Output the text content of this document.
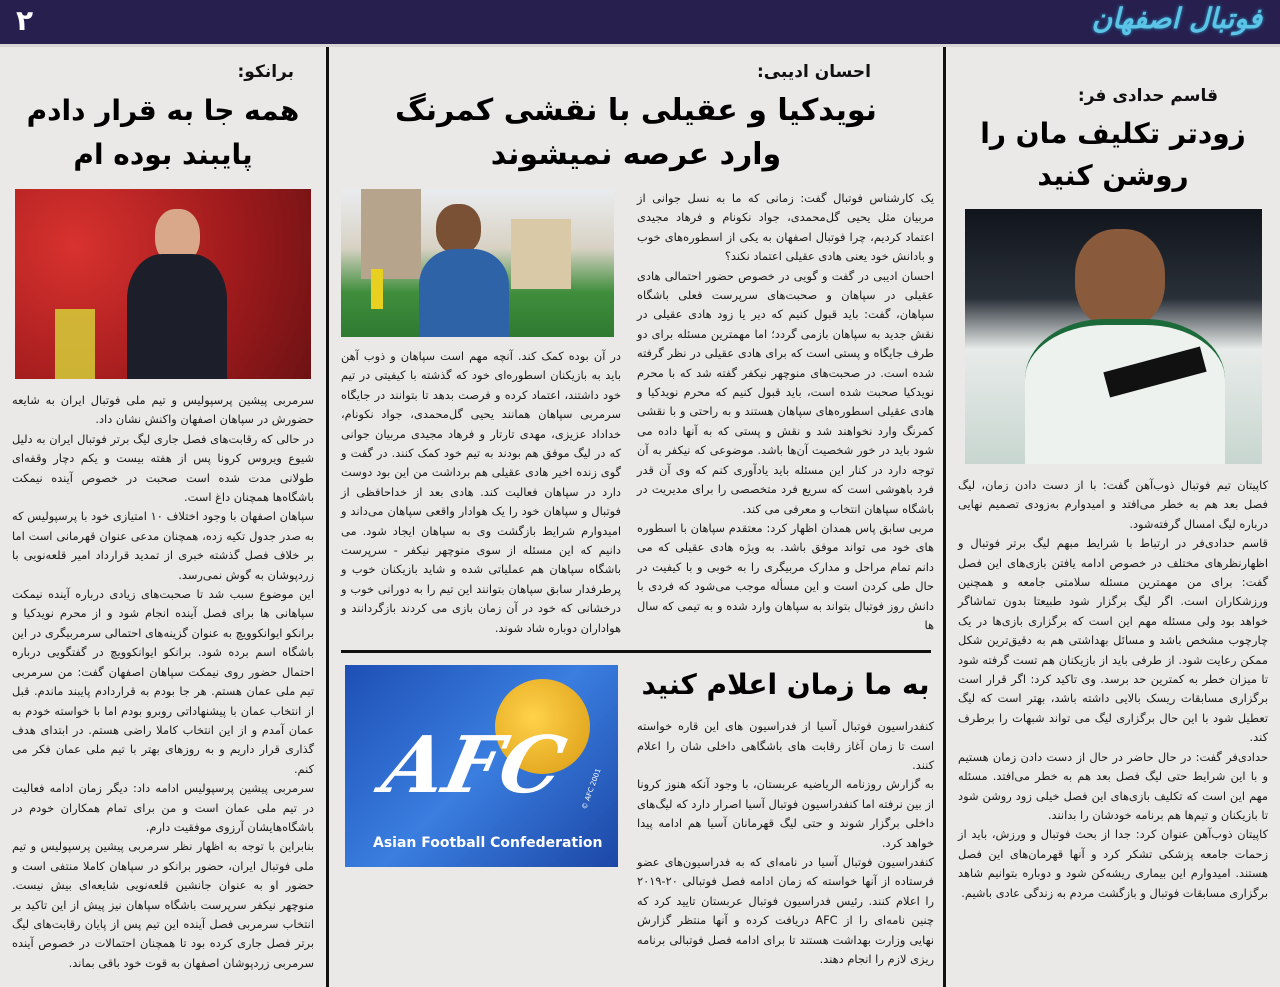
۲	فوتبال اصفهان
برانکو:
همه جا به قرار دادم
پایبند بوده ام

سرمربی پیشین پرسپولیس و تیم ملی فوتبال ایران به شایعه حضورش در سپاهان اصفهان واکنش نشان داد.

در حالی که رقابت‌های فصل جاری لیگ برتر فوتبال ایران به دلیل شیوع ویروس کرونا پس از هفته بیست و یکم دچار وقفه‌ای طولانی مدت شده است صحبت در خصوص آینده نیمکت باشگاه‌ها همچنان داغ است.

سپاهان اصفهان با وجود اختلاف ۱۰ امتیازی خود با پرسپولیس که به صدر جدول تکیه زده، همچنان مدعی عنوان قهرمانی است اما بر خلاف فصل گذشته خبری از تمدید قرارداد امیر قلعه‌نویی با زردپوشان به گوش نمی‌رسد.

این موضوع سبب شد تا صحبت‌های زیادی درباره آینده نیمکت سپاهانی ها برای فصل آینده انجام شود و از محرم نویدکیا و برانکو ایوانکوویچ به عنوان گزینه‌های احتمالی سرمربیگری در این باشگاه اسم برده شود. برانکو ایوانکوویچ در گفتگویی درباره احتمال حضور روی نیمکت سپاهان اصفهان گفت: من سرمربی تیم ملی عمان هستم. هر جا بودم به قراردادم پایبند ماندم. قبل از انتخاب عمان با پیشنهاداتی روبرو بودم اما با خواسته خودم به عمان آمدم و از این انتخاب کاملا راضی هستم. در ابتدای هدف گذاری قرار داریم و به روزهای بهتر با تیم ملی عمان فکر می کنم.

سرمربی پیشین پرسپولیس ادامه داد: دیگر زمان ادامه فعالیت در تیم ملی عمان است و من برای تمام همکاران خودم در باشگاه‌هایشان آرزوی موفقیت دارم.

بنابراین با توجه به اظهار نظر سرمربی پیشین پرسپولیس و تیم ملی فوتبال ایران، حضور برانکو در سپاهان کاملا منتفی است و حضور او به عنوان جانشین قلعه‌نویی شایعه‌ای بیش نیست. منوچهر نیکفر سرپرست باشگاه سپاهان نیز پیش از این تاکید بر انتخاب سرمربی فصل آینده این تیم پس از پایان رقابت‌های لیگ برتر فصل جاری کرده بود تا همچنان احتمالات در خصوص آینده سرمربی زردپوشان اصفهان به قوت خود باقی بماند.

احسان ادیبی:
نویدکیا و عقیلی با نقشی کمرنگ
وارد عرصه نمیشوند

در آن بوده کمک کند. آنچه مهم است سپاهان و ذوب آهن باید به بازیکنان اسطوره‌ای خود که گذشته با کیفیتی در تیم خود داشتند، اعتماد کرده و فرصت بدهد تا بتوانند در جایگاه سرمربی سپاهان همانند یحیی گل‌محمدی، جواد نکونام، خداداد عزیزی، مهدی تارتار و فرهاد مجیدی مربیان جوانی که در لیگ موفق هم بودند به تیم خود کمک کنند. در گفت و گوی زنده اخیر هادی عقیلی هم برداشت من این بود دوست دارد در سپاهان فعالیت کند. هادی بعد از خداحافظی از فوتبال و سپاهان خود را یک هوادار واقعی سپاهان می‌داند و امیدوارم شرایط بازگشت وی به سپاهان ایجاد شود. می دانیم که این مسئله از سوی منوچهر نیکفر - سرپرست باشگاه سپاهان هم عملیاتی شده و شاید بازیکنان خوب و پرطرفدار سابق سپاهان بتوانند این تیم را به دورانی خوب و درخشانی که خود در آن زمان بازی می کردند بازگردانند و هواداران دوباره شاد شوند.

یک کارشناس فوتبال گفت: زمانی که ما به نسل جوانی از مربیان مثل یحیی گل‌محمدی، جواد نکونام و فرهاد مجیدی اعتماد کردیم، چرا فوتبال اصفهان به یکی از اسطوره‌های خوب و بادانش خود یعنی هادی عقیلی اعتماد نکند؟

احسان ادیبی در گفت و گویی در خصوص حضور احتمالی هادی عقیلی در سپاهان و صحبت‌های سرپرست فعلی باشگاه سپاهان، گفت: باید قبول کنیم که دیر یا زود هادی عقیلی در نقش جدید به سپاهان بازمی گردد؛ اما مهمترین مسئله برای دو طرف جایگاه و پستی است که برای هادی عقیلی در نظر گرفته شده است. در صحبت‌های منوچهر نیکفر گفته شد که با محرم نویدکیا صحبت شده است، باید قبول کنیم که محرم نویدکیا و هادی عقیلی اسطوره‌های سپاهان هستند و به راحتی و با نقشی کمرنگ وارد نخواهند شد و نقش و پستی که به آنها داده می شود باید در خور شخصیت آن‌ها باشد. موضوعی که نیکفر به آن توجه دارد در کنار این مسئله باید یادآوری کنم که وی آن قدر فرد باهوشی است که سریع فرد متخصصی را برای مدیریت در باشگاه سپاهان انتخاب و معرفی می کند.

مربی سابق پاس همدان اظهار کرد: معتقدم سپاهان با اسطوره های خود می تواند موفق باشد. به ویژه هادی عقیلی که می دانم تمام مراحل و مدارک مربیگری را به خوبی و با کیفیت در حال طی کردن است و این مسأله موجب می‌شود که فردی با دانش روز فوتبال بتواند به سپاهان وارد شده و به تیمی که سال ها

AFC
Asian Football Confederation
© AFC 2001
به ما زمان اعلام کنید

کنفدراسیون فوتبال آسیا از فدراسیون های این قاره خواسته است تا زمان آغاز رقابت های باشگاهی داخلی شان را اعلام کنند.

به گزارش روزنامه الریاضیه عربستان، با وجود آنکه هنوز کرونا از بین نرفته اما کنفدراسیون فوتبال آسیا اصرار دارد که لیگ‌های داخلی برگزار شوند و حتی لیگ قهرمانان آسیا هم ادامه پیدا خواهد کرد.

کنفدراسیون فوتبال آسیا در نامه‌ای که به فدراسیون‌های عضو فرستاده از آنها خواسته که زمان ادامه فصل فوتبالی ۲۰-۲۰۱۹ را اعلام کنند. رئیس فدراسیون فوتبال عربستان تایید کرد که چنین نامه‌ای را از AFC دریافت کرده و آنها منتظر گزارش نهایی وزارت بهداشت هستند تا برای ادامه فصل فوتبالی برنامه ریزی لازم را انجام دهند.

قاسم حدادی فر:
زودتر تکلیف مان را روشن کنید

کاپیتان تیم فوتبال ذوب‌آهن گفت: با از دست دادن زمان، لیگ فصل بعد هم به خطر می‌افتد و امیدوارم به‌زودی تصمیم نهایی درباره لیگ امسال گرفته‌شود.

قاسم حدادی‌فر در ارتباط با شرایط مبهم لیگ برتر فوتبال و اظهارنظرهای مختلف در خصوص ادامه یافتن بازی‌های این فصل گفت: برای من مهمترین مسئله سلامتی جامعه و همچنین ورزشکاران است. اگر لیگ برگزار شود طبیعتا بدون تماشاگر خواهد بود ولی مسئله مهم این است که برگزاری بازی‌ها در یک چارچوب مشخص باشد و مسائل بهداشتی هم به دقیق‌ترین شکل ممکن رعایت شود. از طرفی باید از بازیکنان هم تست گرفته شود تا میزان خطر به کمترین حد برسد. وی تاکید کرد: اگر قرار است برگزاری مسابقات ریسک بالایی داشته باشد، بهتر است که لیگ تعطیل شود با این حال برگزاری لیگ می تواند شبهات را برطرف کند.

حدادی‌فر گفت: در حال حاضر در حال از دست دادن زمان هستیم و با این شرایط حتی لیگ فصل بعد هم به خطر می‌افتد. مسئله مهم این است که تکلیف بازی‌های این فصل خیلی زود روشن شود تا بازیکنان و تیم‌ها هم برنامه خودشان را بدانند.

کاپیتان ذوب‌آهن عنوان کرد: جدا از بحث فوتبال و ورزش، باید از زحمات جامعه پزشکی تشکر کرد و آنها قهرمان‌های این فصل هستند. امیدوارم این بیماری ریشه‌کن شود و دوباره بتوانیم شاهد برگزاری مسابقات فوتبال و بازگشت مردم به زندگی عادی باشیم.
